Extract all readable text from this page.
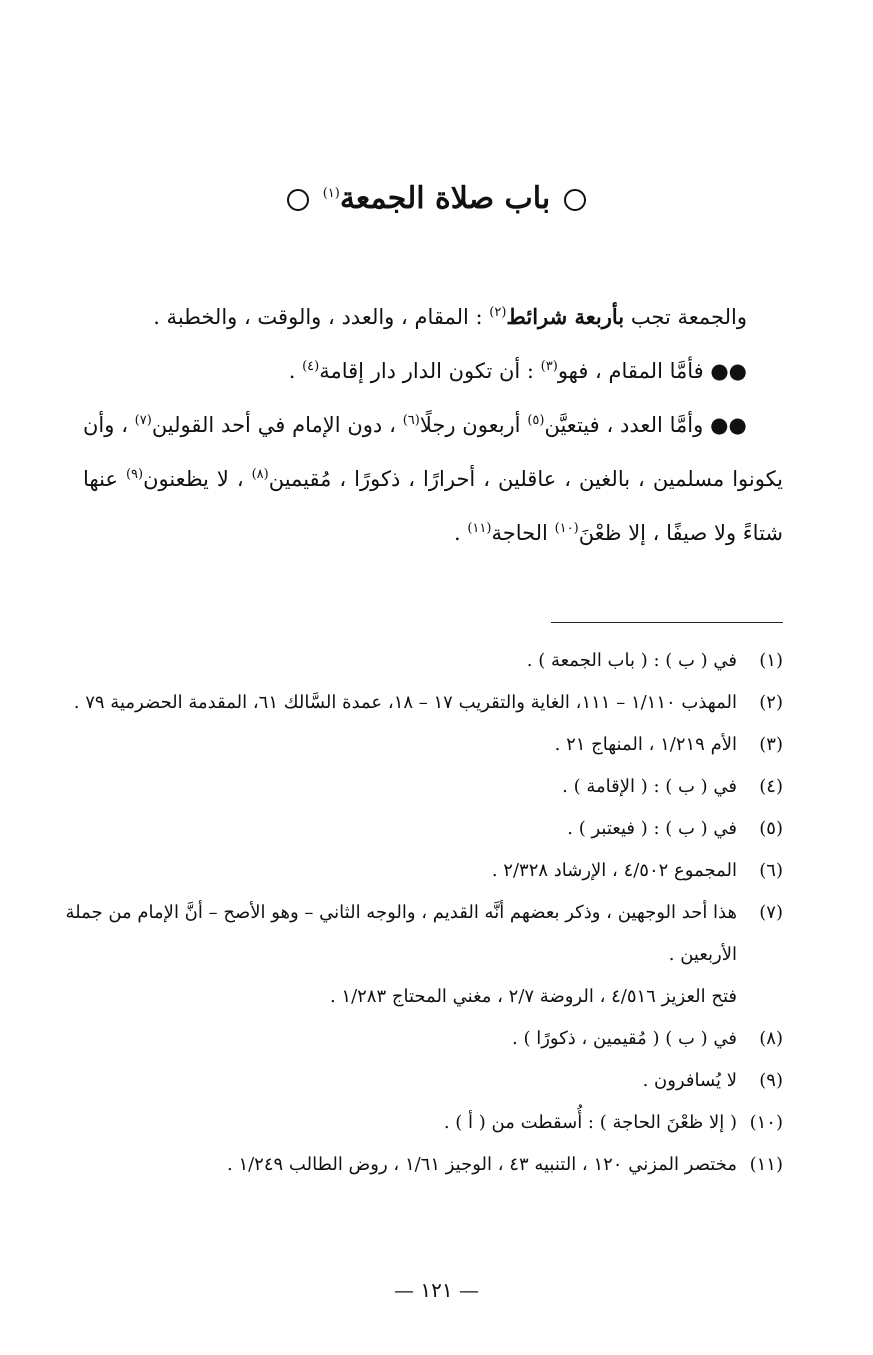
باب صلاة الجمعة$^{(١)}$

والجمعة تجب بأربعة شرائط$^{(٢)}$ : المقام ، والعدد ، والوقت ، والخطبة .

●● فأمَّا المقام ، فهو$^{(٣)}$ : أن تكون الدار دار إقامة$^{(٤)}$ .

●● وأمَّا العدد ، فيتعيَّن$^{(٥)}$ أربعون رجلًا$^{(٦)}$ ، دون الإمام في أحد القولين$^{(٧)}$ ، وأن يكونوا مسلمين ، بالغين ، عاقلين ، أحرارًا ، ذكورًا ، مُقيمين$^{(٨)}$ ، لا يظعنون$^{(٩)}$ عنها شتاءً ولا صيفًا ، إلا ظعْنَ$^{(١٠)}$ الحاجة$^{(١١)}$ .

(١)
في ( ب ) : ( باب الجمعة ) .
(٢)
المهذب ١/١١٠ – ١١١، الغاية والتقريب ١٧ – ١٨، عمدة السَّالك ٦١، المقدمة الحضرمية ٧٩ .
(٣)
الأم ١/٢١٩ ، المنهاج ٢١ .
(٤)
في ( ب ) : ( الإقامة ) .
(٥)
في ( ب ) : ( فيعتبر ) .
(٦)
المجموع ٤/٥٠٢ ، الإرشاد ٢/٣٢٨ .
(٧)
هذا أحد الوجهين ، وذكر بعضهم أنَّه القديم ، والوجه الثاني – وهو الأصح – أنَّ الإمام من جملة الأربعين .
فتح العزيز ٤/٥١٦ ، الروضة ٢/٧ ، مغني المحتاج ١/٢٨٣ .
(٨)
في ( ب ) ( مُقيمين ، ذكورًا ) .
(٩)
لا يُسافرون .
(١٠)
( إلا ظعْنَ الحاجة ) : أُسقطت من ( أ ) .
(١١)
مختصر المزني ١٢٠ ، التنبيه ٤٣ ، الوجيز ١/٦١ ، روض الطالب ١/٢٤٩ .
— ١٢١ —
